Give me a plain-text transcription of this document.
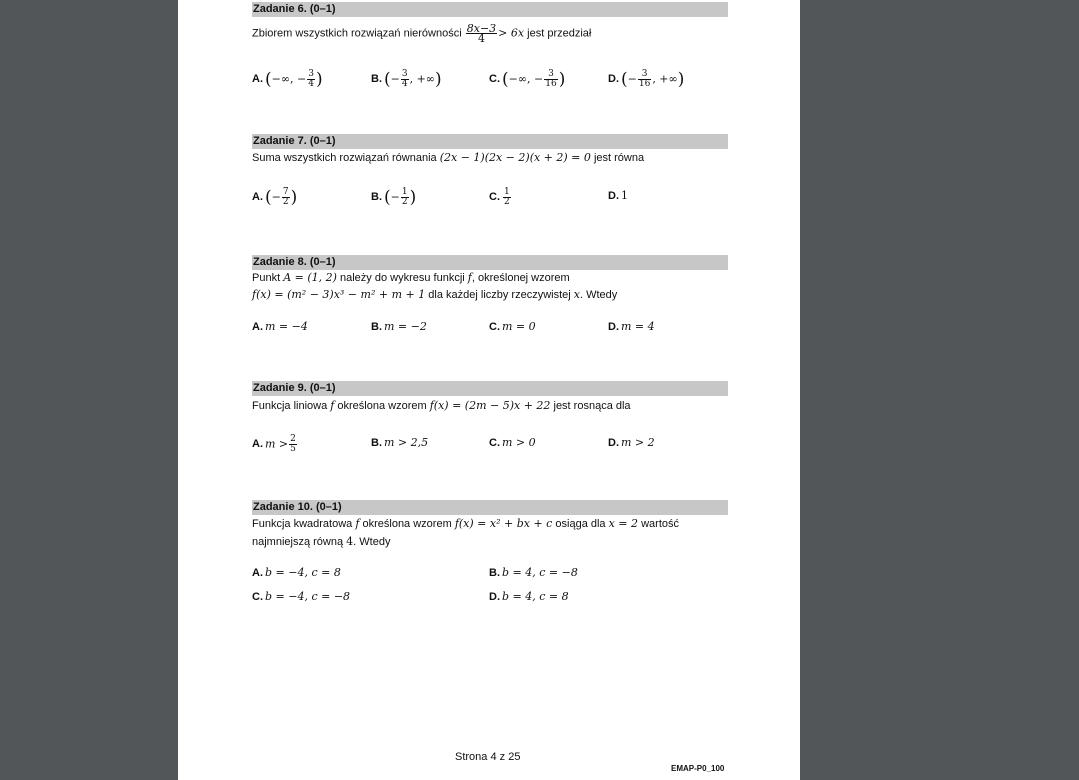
Zadanie 6. (0–1)
Zbiorem wszystkich rozwiązań nierówności $\frac{8x-3}{4} > 6x$ jest przedział
A. (−∞, − $\frac{3}{4}$ )	B. (− $\frac{3}{4}$ , +∞)	C. (−∞, − $\frac{3}{16}$ )	D. (− $\frac{3}{16}$ , +∞)
Zadanie 7. (0–1)
Suma wszystkich rozwiązań równania (2x − 1)(2x − 2)(x + 2) = 0 jest równa
A. (− $\frac{7}{2}$ )	B. (− $\frac{1}{2}$ )	C. $\frac{1}{2}$	D. 1
Zadanie 8. (0–1)
Punkt A = (1, 2) należy do wykresu funkcji f, określonej wzorem
f(x) = (m² − 3)x³ − m² + m + 1 dla każdej liczby rzeczywistej x. Wtedy
A. m = −4	B. m = −2	C. m = 0	D. m = 4
Zadanie 9. (0–1)
Funkcja liniowa f określona wzorem f(x) = (2m − 5)x + 22 jest rosnąca dla
A. $m > \frac{2}{5}$	B. m > 2,5	C. m > 0	D. m > 2
Zadanie 10. (0–1)
Funkcja kwadratowa f określona wzorem f(x) = x² + bx + c osiąga dla x = 2 wartość
najmniejszą równą 4. Wtedy
A. b = −4, c = 8	B. b = 4, c = −8
C. b = −4, c = −8	D. b = 4, c = 8
Strona 4 z 25
EMAP-P0_100
